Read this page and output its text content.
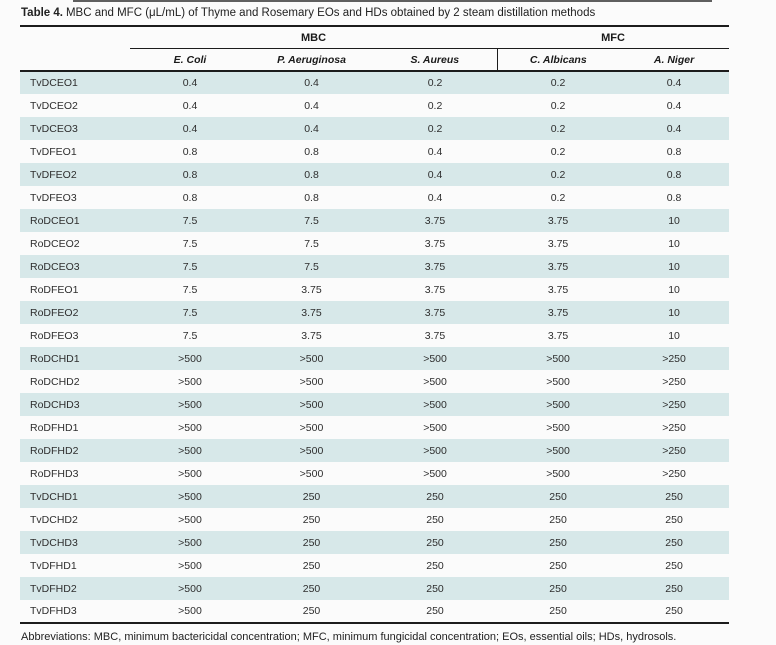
Table 4. MBC and MFC (μL/mL) of Thyme and Rosemary EOs and HDs obtained by 2 steam distillation methods

	MBC			MFC	
	E. Coli	P. Aeruginosa	S. Aureus	C. Albicans	A. Niger
TvDCEO1	0.4	0.4	0.2	0.2	0.4
TvDCEO2	0.4	0.4	0.2	0.2	0.4
TvDCEO3	0.4	0.4	0.2	0.2	0.4
TvDFEO1	0.8	0.8	0.4	0.2	0.8
TvDFEO2	0.8	0.8	0.4	0.2	0.8
TvDFEO3	0.8	0.8	0.4	0.2	0.8
RoDCEO1	7.5	7.5	3.75	3.75	10
RoDCEO2	7.5	7.5	3.75	3.75	10
RoDCEO3	7.5	7.5	3.75	3.75	10
RoDFEO1	7.5	3.75	3.75	3.75	10
RoDFEO2	7.5	3.75	3.75	3.75	10
RoDFEO3	7.5	3.75	3.75	3.75	10
RoDCHD1	>500	>500	>500	>500	>250
RoDCHD2	>500	>500	>500	>500	>250
RoDCHD3	>500	>500	>500	>500	>250
RoDFHD1	>500	>500	>500	>500	>250
RoDFHD2	>500	>500	>500	>500	>250
RoDFHD3	>500	>500	>500	>500	>250
TvDCHD1	>500	250	250	250	250
TvDCHD2	>500	250	250	250	250
TvDCHD3	>500	250	250	250	250
TvDFHD1	>500	250	250	250	250
TvDFHD2	>500	250	250	250	250
TvDFHD3	>500	250	250	250	250

Abbreviations: MBC, minimum bactericidal concentration; MFC, minimum fungicidal concentration; EOs, essential oils; HDs, hydrosols.
